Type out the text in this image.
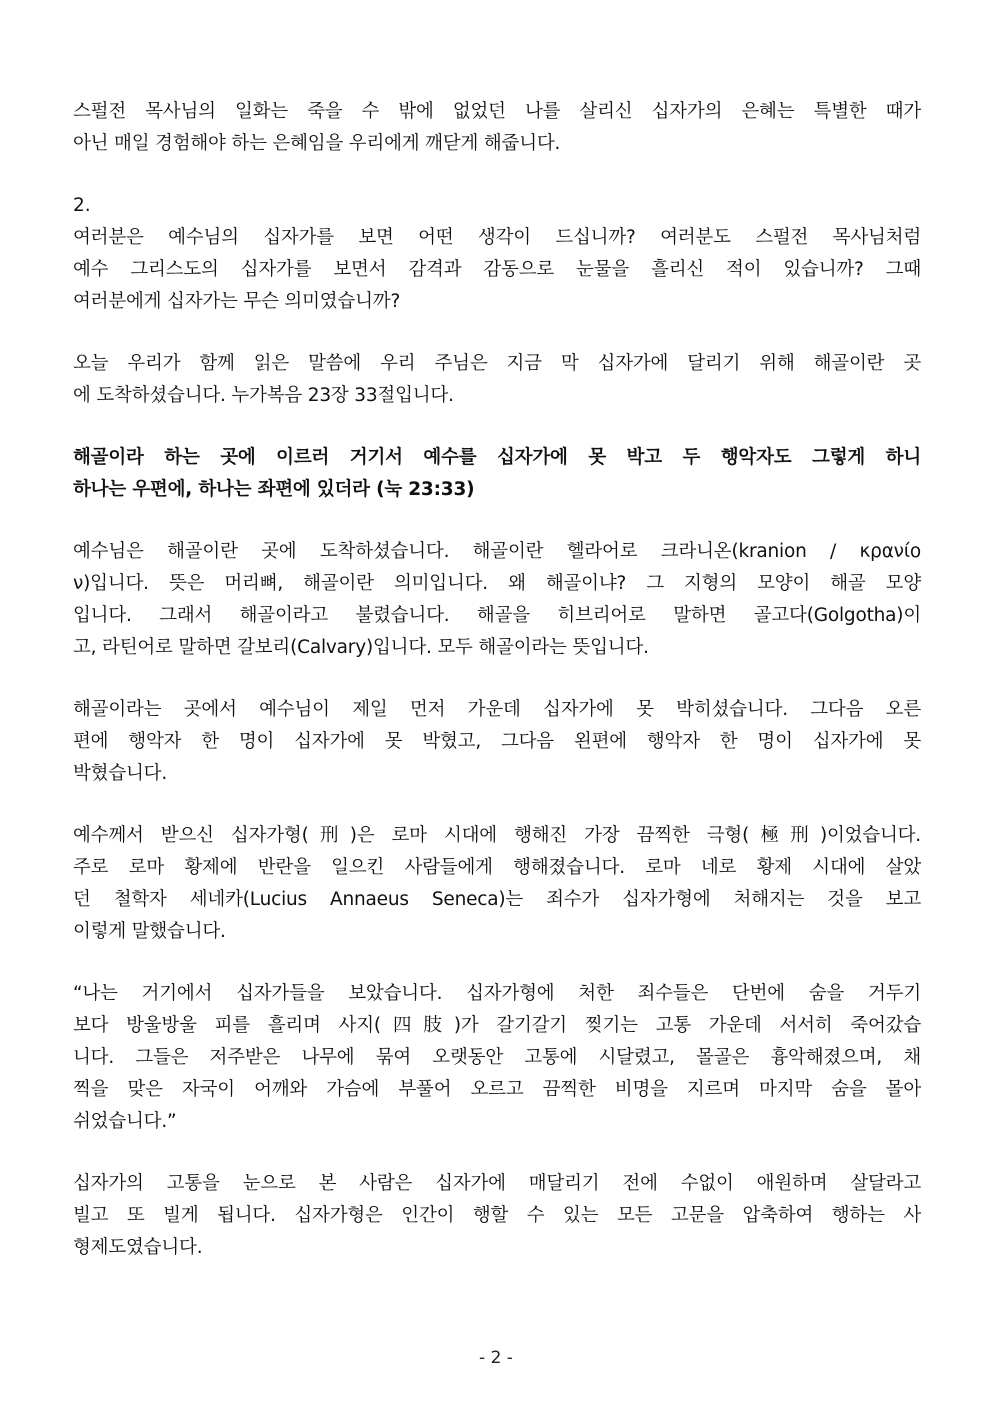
스펄전 목사님의 일화는 죽을 수 밖에 없었던 나를 살리신 십자가의 은혜는 특별한 때가
아닌 매일 경험해야 하는 은혜임을 우리에게 깨닫게 해줍니다.
2.
여러분은 예수님의 십자가를 보면 어떤 생각이 드십니까? 여러분도 스펄전 목사님처럼
예수 그리스도의 십자가를 보면서 감격과 감동으로 눈물을 흘리신 적이 있습니까? 그때
여러분에게 십자가는 무슨 의미였습니까?
오늘 우리가 함께 읽은 말씀에 우리 주님은 지금 막 십자가에 달리기 위해 해골이란 곳
에 도착하셨습니다. 누가복음 23장 33절입니다.
해골이라 하는 곳에 이르러 거기서 예수를 십자가에 못 박고 두 행악자도 그렇게 하니
하나는 우편에, 하나는 좌편에 있더라 (눅 23:33)
예수님은 해골이란 곳에 도착하셨습니다. 해골이란 헬라어로 크라니온(kranion / κρανίο
ν)입니다. 뜻은 머리뼈, 해골이란 의미입니다. 왜 해골이냐? 그 지형의 모양이 해골 모양
입니다. 그래서 해골이라고 불렸습니다. 해골을 히브리어로 말하면 골고다(Golgotha)이
고, 라틴어로 말하면 갈보리(Calvary)입니다. 모두 해골이라는 뜻입니다.
해골이라는 곳에서 예수님이 제일 먼저 가운데 십자가에 못 박히셨습니다. 그다음 오른
편에 행악자 한 명이 십자가에 못 박혔고, 그다음 왼편에 행악자 한 명이 십자가에 못
박혔습니다.
예수께서 받으신 십자가형(刑)은 로마 시대에 행해진 가장 끔찍한 극형(極刑)이었습니다.
주로 로마 황제에 반란을 일으킨 사람들에게 행해졌습니다. 로마 네로 황제 시대에 살았
던 철학자 세네카(Lucius Annaeus Seneca)는 죄수가 십자가형에 처해지는 것을 보고
이렇게 말했습니다.
“나는 거기에서 십자가들을 보았습니다. 십자가형에 처한 죄수들은 단번에 숨을 거두기
보다 방울방울 피를 흘리며 사지(四肢)가 갈기갈기 찢기는 고통 가운데 서서히 죽어갔습
니다. 그들은 저주받은 나무에 묶여 오랫동안 고통에 시달렸고, 몰골은 흉악해졌으며, 채
찍을 맞은 자국이 어깨와 가슴에 부풀어 오르고 끔찍한 비명을 지르며 마지막 숨을 몰아
쉬었습니다.”
십자가의 고통을 눈으로 본 사람은 십자가에 매달리기 전에 수없이 애원하며 살달라고
빌고 또 빌게 됩니다. 십자가형은 인간이 행할 수 있는 모든 고문을 압축하여 행하는 사
형제도였습니다.
- 2 -
